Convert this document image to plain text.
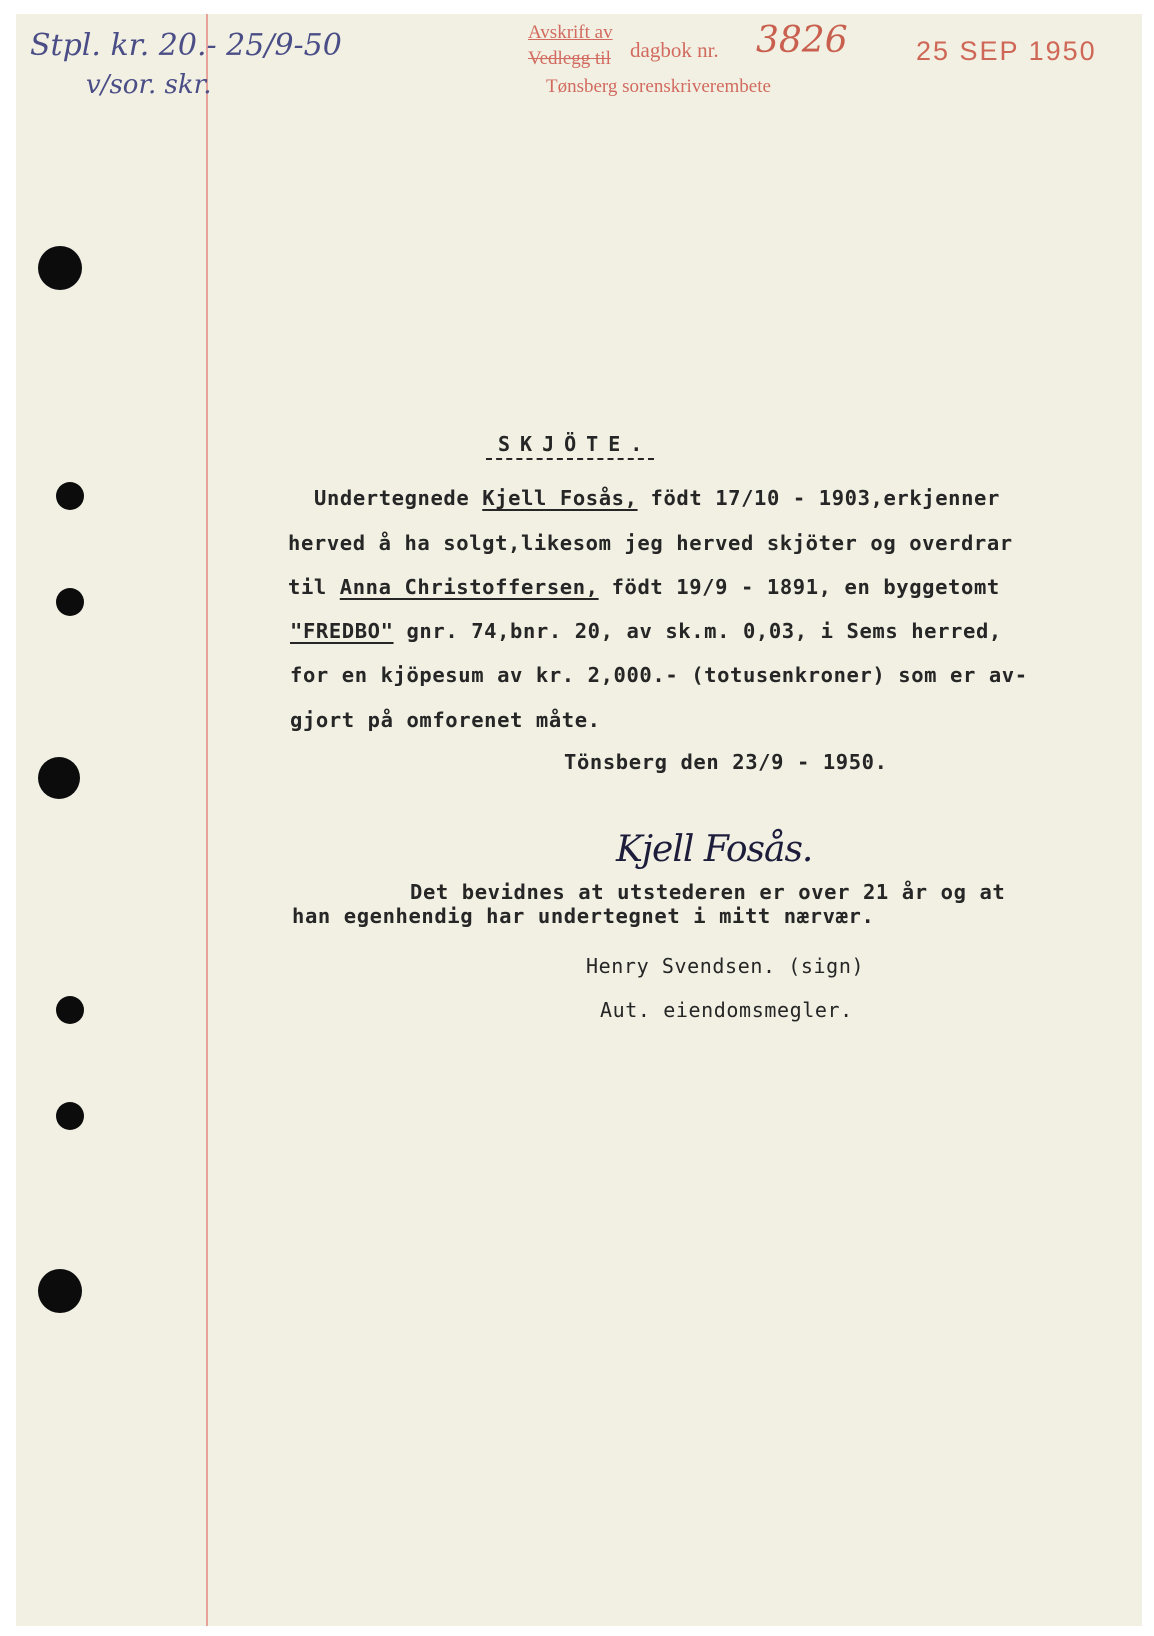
Stpl. kr. 20.- 25/9-50
v/sor. skr.
Avskrift av
Vedlegg til dagbok nr.
Tønsberg sorenskriverembete
3826	25 SEP 1950
SKJÖTE.
Undertegnede Kjell Fosås, födt 17/10 - 1903,erkjenner
herved å ha solgt,likesom jeg herved skjöter og overdrar
til Anna Christoffersen, födt 19/9 - 1891, en byggetomt
"FREDBO" gnr. 74,bnr. 20, av sk.m. 0,03, i Sems herred,
for en kjöpesum av kr. 2,000.- (totusenkroner) som er av-
gjort på omforenet måte.
Tönsberg den 23/9 - 1950.
Kjell Fosås.
Det bevidnes at utstederen er over 21 år og at
han egenhendig har undertegnet i mitt nærvær.
Henry Svendsen. (sign)
Aut. eiendomsmegler.
